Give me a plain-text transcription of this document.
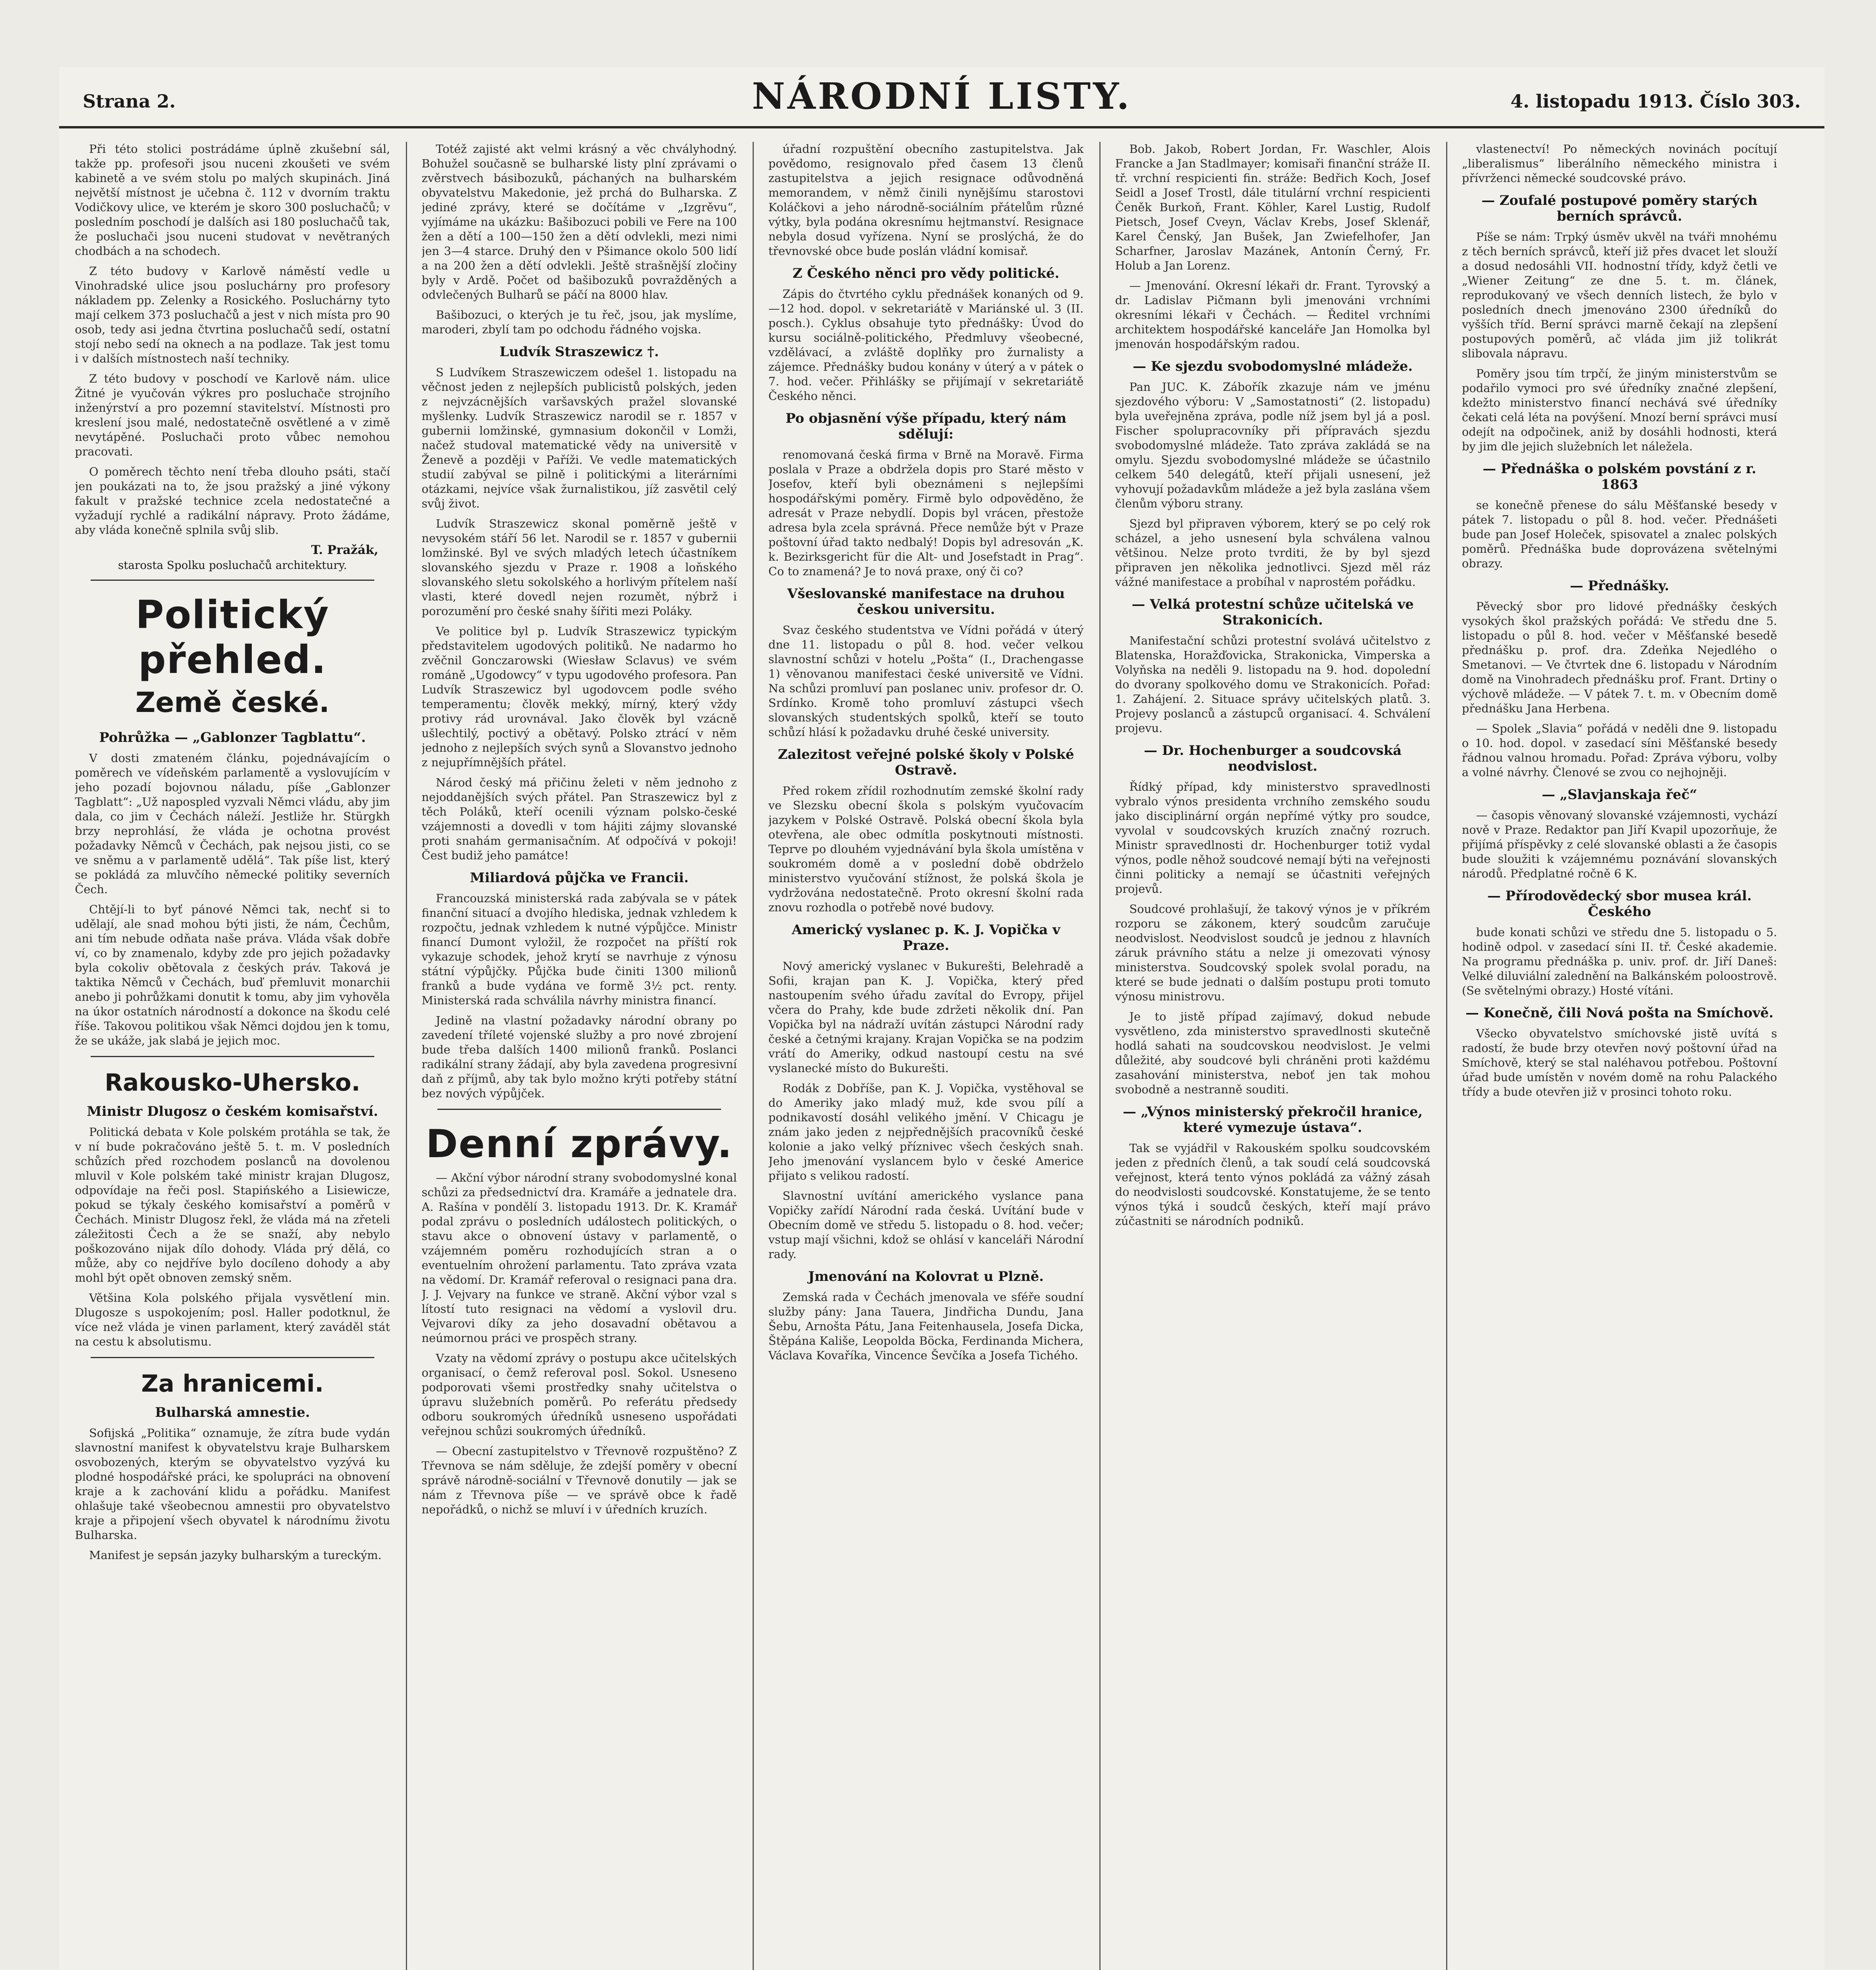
Strana 2.	NÁRODNÍ LISTY.	4. listopadu 1913. Číslo 303.

Při této stolici postrádáme úplně zkušební sál, takže pp. profesoři jsou nuceni zkoušeti ve svém kabinetě a ve svém stolu po malých skupinách. Jiná největší místnost je učebna č. 112 v dvorním traktu Vodičkovy ulice, ve kterém je skoro 300 posluchačů; v posledním poschodí je dalších asi 180 posluchačů tak, že posluchači jsou nuceni studovat v nevětraných chodbách a na schodech.

Z této budovy v Karlově náměstí vedle u Vinohradské ulice jsou posluchárny pro profesory nákladem pp. Zelenky a Rosického. Posluchárny tyto mají celkem 373 posluchačů a jest v nich místa pro 90 osob, tedy asi jedna čtvrtina posluchačů sedí, ostatní stojí nebo sedí na oknech a na podlaze. Tak jest tomu i v dalších místnostech naší techniky.

Z této budovy v poschodí ve Karlově nám. ulice Žitné je vyučován výkres pro posluchače strojního inženýrství a pro pozemní stavitelství. Místnosti pro kreslení jsou malé, nedostatečně osvětlené a v zimě nevytápěné. Posluchači proto vůbec nemohou pracovati.

O poměrech těchto není třeba dlouho psáti, stačí jen poukázati na to, že jsou pražský a jiné výkony fakult v pražské technice zcela nedostatečné a vyžadují rychlé a radikální nápravy. Proto žádáme, aby vláda konečně splnila svůj slib.

T. Pražák,
starosta Spolku posluchačů architektury.
Politický přehled.
Země české.
Pohrůžka — „Gablonzer Tagblattu“.

V dosti zmateném článku, pojednávajícím o poměrech ve vídeňském parlamentě a vyslovujícím v jeho pozadí bojovnou náladu, píše „Gablonzer Tagblatt“: „Už napospled vyzvali Němci vládu, aby jim dala, co jim v Čechách náleží. Jestliže hr. Stürgkh brzy neprohlásí, že vláda je ochotna provést požadavky Němců v Čechách, pak nejsou jisti, co se ve sněmu a v parlamentě udělá“. Tak píše list, který se pokládá za mluvčího německé politiky severních Čech.

Chtějí-li to byť pánové Němci tak, nechť si to udělají, ale snad mohou býti jisti, že nám, Čechům, ani tím nebude odňata naše práva. Vláda však dobře ví, co by znamenalo, kdyby zde pro jejich požadavky byla cokoliv obětovala z českých práv. Taková je taktika Němců v Čechách, buď přemluvit monarchii anebo ji pohrůžkami donutit k tomu, aby jim vyhověla na úkor ostatních národností a dokonce na škodu celé říše. Takovou politikou však Němci dojdou jen k tomu, že se ukáže, jak slabá je jejich moc.

Rakousko-Uhersko.
Ministr Dlugosz o českém komisařství.

Politická debata v Kole polském protáhla se tak, že v ní bude pokračováno ještě 5. t. m. V posledních schůzích před rozchodem poslanců na dovolenou mluvil v Kole polském také ministr krajan Dlugosz, odpovídaje na řeči posl. Stapińského a Lisiewicze, pokud se týkaly českého komisařství a poměrů v Čechách. Ministr Dlugosz řekl, že vláda má na zřeteli záležitosti Čech a že se snaží, aby nebylo poškozováno nijak dílo dohody. Vláda prý dělá, co může, aby co nejdříve bylo docíleno dohody a aby mohl být opět obnoven zemský sněm.

Většina Kola polského přijala vysvětlení min. Dlugosze s uspokojením; posl. Haller podotknul, že více než vláda je vinen parlament, který zaváděl stát na cestu k absolutismu.

Za hranicemi.
Bulharská amnestie.

Sofijská „Politika“ oznamuje, že zítra bude vydán slavnostní manifest k obyvatelstvu kraje Bulharskem osvobozených, kterým se obyvatelstvo vyzývá ku plodné hospodářské práci, ke spolupráci na obnovení kraje a k zachování klidu a pořádku. Manifest ohlašuje také všeobecnou amnestii pro obyvatelstvo kraje a připojení všech obyvatel k národnímu životu Bulharska.

Manifest je sepsán jazyky bulharským a tureckým.

Totéž zajisté akt velmi krásný a věc chvályhodný. Bohužel současně se bulharské listy plní zprávami o zvěrstvech básibozuků, páchaných na bulharském obyvatelstvu Makedonie, jež prchá do Bulharska. Z jediné zprávy, které se dočítáme v „Izgrěvu“, vyjímáme na ukázku: Bašibozuci pobili ve Fere na 100 žen a dětí a 100—150 žen a dětí odvlekli, mezi nimi jen 3—4 starce. Druhý den v Pšimance okolo 500 lidí a na 200 žen a dětí odvlekli. Ještě strašnější zločiny byly v Ardě. Počet od bašibozuků povražděných a odvlečených Bulharů se páčí na 8000 hlav.

Bašibozuci, o kterých je tu řeč, jsou, jak myslíme, maroderi, zbylí tam po odchodu řádného vojska.

Ludvík Straszewicz †.

S Ludvíkem Straszewiczem odešel 1. listopadu na věčnost jeden z nejlepších publicistů polských, jeden z nejvzácnějších varšavských pražel slovanské myšlenky. Ludvík Straszewicz narodil se r. 1857 v gubernii lomžinské, gymnasium dokončil v Lomži, načež studoval matematické vědy na universitě v Ženevě a později v Paříži. Ve vedle matematických studií zabýval se pilně i politickými a literárními otázkami, nejvíce však žurnalistikou, jíž zasvětil celý svůj život.

Ludvík Straszewicz skonal poměrně ještě v nevysokém stáří 56 let. Narodil se r. 1857 v gubernii lomžinské. Byl ve svých mladých letech účastníkem slovanského sjezdu v Praze r. 1908 a loňského slovanského sletu sokolského a horlivým přítelem naší vlasti, které dovedl nejen rozumět, nýbrž i porozumění pro české snahy šířiti mezi Poláky.

Ve politice byl p. Ludvík Straszewicz typickým představitelem ugodových politiků. Ne nadarmo ho zvěčnil Gonczarowski (Wiesław Sclavus) ve svém románě „Ugodowcy“ v typu ugodového profesora. Pan Ludvík Straszewicz byl ugodovcem podle svého temperamentu; člověk mekký, mírný, který vždy protivy rád urovnával. Jako člověk byl vzácně ušlechtilý, poctivý a obětavý. Polsko ztrácí v něm jednoho z nejlepších svých synů a Slovanstvo jednoho z nejupřímnějších přátel.

Národ český má přičinu želeti v něm jednoho z nejoddanějších svých přátel. Pan Straszewicz byl z těch Poláků, kteří ocenili význam polsko-české vzájemnosti a dovedli v tom hájiti zájmy slovanské proti snahám germanisačním. Ať odpočívá v pokoji! Čest budiž jeho památce!

Miliardová půjčka ve Francii.

Francouzská ministerská rada zabývala se v pátek finanční situací a dvojího hlediska, jednak vzhledem k rozpočtu, jednak vzhledem k nutné výpůjčce. Ministr financí Dumont vyložil, že rozpočet na příští rok vykazuje schodek, jehož krytí se navrhuje z výnosu státní výpůjčky. Půjčka bude činiti 1300 milionů franků a bude vydána ve formě 3½ pct. renty. Ministerská rada schválila návrhy ministra financí.

Jedině na vlastní požadavky národní obrany po zavedení tříleté vojenské služby a pro nové zbrojení bude třeba dalších 1400 milionů franků. Poslanci radikální strany žádají, aby byla zavedena progresivní daň z příjmů, aby tak bylo možno krýti potřeby státní bez nových výpůjček.

Denní zprávy.

— Akční výbor národní strany svobodomyslné konal schůzi za předsednictví dra. Kramáře a jednatele dra. A. Rašína v pondělí 3. listopadu 1913. Dr. K. Kramář podal zprávu o posledních událostech politických, o stavu akce o obnovení ústavy v parlamentě, o vzájemném poměru rozhodujících stran a o eventuelním ohrožení parlamentu. Tato zpráva vzata na vědomí. Dr. Kramář referoval o resignaci pana dra. J. J. Vejvary na funkce ve straně. Akční výbor vzal s lítostí tuto resignaci na vědomí a vyslovil dru. Vejvarovi díky za jeho dosavadní obětavou a neúmornou práci ve prospěch strany.

Vzaty na vědomí zprávy o postupu akce učitelských organisací, o čemž referoval posl. Sokol. Usneseno podporovati všemi prostředky snahy učitelstva o úpravu služebních poměrů. Po referátu předsedy odboru soukromých úředníků usneseno uspořádati veřejnou schůzi soukromých úředníků.

— Obecní zastupitelstvo v Třevnově rozpuštěno? Z Třevnova se nám sděluje, že zdejší poměry v obecní správě národně-sociální v Třevnově donutily — jak se nám z Třevnova píše — ve správě obce k řadě nepořádků, o nichž se mluví i v úředních kruzích.

úřadní rozpuštění obecního zastupitelstva. Jak povědomo, resignovalo před časem 13 členů zastupitelstva a jejich resignace odůvodněná memorandem, v němž činili nynějšímu starostovi Koláčkovi a jeho národně-sociálním přátelům různé výtky, byla podána okresnímu hejtmanství. Resignace nebyla dosud vyřízena. Nyní se proslýchá, že do třevnovské obce bude poslán vládní komisař.

Z Českého něnci pro vědy politické.

Zápis do čtvrtého cyklu přednášek konaných od 9.—12 hod. dopol. v sekretariátě v Mariánské ul. 3 (II. posch.). Cyklus obsahuje tyto přednášky: Úvod do kursu sociálně-politického, Předmluvy všeobecné, vzdělávací, a zvláště doplňky pro žurnalisty a zájemce. Přednášky budou konány v úterý a v pátek o 7. hod. večer. Přihlášky se přijímají v sekretariátě Českého něnci.

Po objasnění výše případu, který nám sdělují:

renomovaná česká firma v Brně na Moravě. Firma poslala v Praze a obdržela dopis pro Staré město v Josefov, kteří byli obeznámeni s nejlepšími hospodářskými poměry. Firmě bylo odpověděno, že adresát v Praze nebydlí. Dopis byl vrácen, přestože adresa byla zcela správná. Přece nemůže být v Praze poštovní úřad takto nedbalý! Dopis byl adresován „K. k. Bezirksgericht für die Alt- und Josefstadt in Prag“. Co to znamená? Je to nová praxe, oný či co?

Všeslovanské manifestace na druhou českou universitu.

Svaz českého studentstva ve Vídni pořádá v úterý dne 11. listopadu o půl 8. hod. večer velkou slavnostní schůzi v hotelu „Pošta“ (I., Drachengasse 1) věnovanou manifestaci české universitě ve Vídni. Na schůzi promluví pan poslanec univ. profesor dr. O. Srdínko. Kromě toho promluví zástupci všech slovanských studentských spolků, kteří se touto schůzí hlásí k požadavku druhé české university.

Zalezitost veřejné polské školy v Polské Ostravě.

Před rokem zřídil rozhodnutím zemské školní rady ve Slezsku obecní škola s polským vyučovacím jazykem v Polské Ostravě. Polská obecní škola byla otevřena, ale obec odmítla poskytnouti místnosti. Teprve po dlouhém vyjednávání byla škola umístěna v soukromém domě a v poslední době obdrželo ministerstvo vyučování stížnost, že polská škola je vydržována nedostatečně. Proto okresní školní rada znovu rozhodla o potřebě nové budovy.

Americký vyslanec p. K. J. Vopička v Praze.

Nový americký vyslanec v Bukurešti, Belehradě a Sofii, krajan pan K. J. Vopička, který před nastoupením svého úřadu zavítal do Evropy, přijel včera do Prahy, kde bude zdržeti několik dní. Pan Vopička byl na nádraží uvítán zástupci Národní rady české a četnými krajany. Krajan Vopička se na podzim vrátí do Ameriky, odkud nastoupí cestu na své vyslanecké místo do Bukurešti.

Rodák z Dobříše, pan K. J. Vopička, vystěhoval se do Ameriky jako mladý muž, kde svou pílí a podnikavostí dosáhl velikého jmění. V Chicagu je znám jako jeden z nejpřednějších pracovníků české kolonie a jako velký příznivec všech českých snah. Jeho jmenování vyslancem bylo v české Americe přijato s velikou radostí.

Slavnostní uvítání amerického vyslance pana Vopičky zařídí Národní rada česká. Uvítání bude v Obecním domě ve středu 5. listopadu o 8. hod. večer; vstup mají všichni, kdož se ohlásí v kanceláři Národní rady.

Jmenování na Kolovrat u Plzně.

Zemská rada v Čechách jmenovala ve sféře soudní služby pány: Jana Tauera, Jindřicha Dundu, Jana Šebu, Arnošta Pátu, Jana Feitenhausela, Josefa Dicka, Štěpána Kališe, Leopolda Böcka, Ferdinanda Michera, Václava Kovaříka, Vincence Ševčíka a Josefa Tichého.

Bob. Jakob, Robert Jordan, Fr. Waschler, Alois Francke a Jan Stadlmayer; komisaři finanční stráže II. tř. vrchní respicienti fin. stráže: Bedřich Koch, Josef Seidl a Josef Trostl, dále titulární vrchní respicienti Čeněk Burkoň, Frant. Köhler, Karel Lustig, Rudolf Pietsch, Josef Cveyn, Václav Krebs, Josef Sklenář, Karel Čenský, Jan Bušek, Jan Zwiefelhofer, Jan Scharfner, Jaroslav Mazánek, Antonín Černý, Fr. Holub a Jan Lorenz.

— Jmenování. Okresní lékaři dr. Frant. Tyrovský a dr. Ladislav Pičmann byli jmenováni vrchními okresními lékaři v Čechách. — Ředitel vrchními architektem hospodářské kanceláře Jan Homolka byl jmenován hospodářským radou.

— Ke sjezdu svobodomyslné mládeže.

Pan JUC. K. Zábořík zkazuje nám ve jménu sjezdového výboru: V „Samostatnosti“ (2. listopadu) byla uveřejněna zpráva, podle níž jsem byl já a posl. Fischer spolupracovníky při přípravách sjezdu svobodomyslné mládeže. Tato zpráva zakládá se na omylu. Sjezdu svobodomyslné mládeže se účastnilo celkem 540 delegátů, kteří přijali usnesení, jež vyhovují požadavkům mládeže a jež byla zaslána všem členům výboru strany.

Sjezd byl připraven výborem, který se po celý rok scházel, a jeho usnesení byla schválena valnou většinou. Nelze proto tvrditi, že by byl sjezd připraven jen několika jednotlivci. Sjezd měl ráz vážné manifestace a probíhal v naprostém pořádku.

— Velká protestní schůze učitelská ve Strakonicích.

Manifestační schůzi protestní svolává učitelstvo z Blatenska, Horažďovicka, Strakonicka, Vimperska a Volyňska na neděli 9. listopadu na 9. hod. dopolední do dvorany spolkového domu ve Strakonicích. Pořad: 1. Zahájení. 2. Situace správy učitelských platů. 3. Projevy poslanců a zástupců organisací. 4. Schválení projevu.

— Dr. Hochenburger a soudcovská neodvislost.

Řídký případ, kdy ministerstvo spravedlnosti vybralo výnos presidenta vrchního zemského soudu jako disciplinární orgán nepřímé výtky pro soudce, vyvolal v soudcovských kruzích značný rozruch. Ministr spravedlnosti dr. Hochenburger totiž vydal výnos, podle něhož soudcové nemají býti na veřejnosti činni politicky a nemají se účastniti veřejných projevů.

Soudcové prohlašují, že takový výnos je v příkrém rozporu se zákonem, který soudcům zaručuje neodvislost. Neodvislost soudců je jednou z hlavních záruk právního státu a nelze ji omezovati výnosy ministerstva. Soudcovský spolek svolal poradu, na které se bude jednati o dalším postupu proti tomuto výnosu ministrovu.

Je to jistě případ zajímavý, dokud nebude vysvětleno, zda ministerstvo spravedlnosti skutečně hodlá sahati na soudcovskou neodvislost. Je velmi důležité, aby soudcové byli chráněni proti každému zasahování ministerstva, neboť jen tak mohou svobodně a nestranně souditi.

— „Výnos ministerský překročil hranice, které vymezuje ústava“.

Tak se vyjádřil v Rakouském spolku soudcovském jeden z předních členů, a tak soudí celá soudcovská veřejnost, která tento výnos pokládá za vážný zásah do neodvislosti soudcovské. Konstatujeme, že se tento výnos týká i soudců českých, kteří mají právo zúčastniti se národních podniků.

vlastenectví! Po německých novinách pocítují „liberalismus“ liberálního německého ministra i přívrženci německé soudcovské právo.

— Zoufalé postupové poměry starých berních správců.

Píše se nám: Trpký úsměv ukvěl na tváři mnohému z těch berních správců, kteří již přes dvacet let slouží a dosud nedosáhli VII. hodnostní třídy, když četli ve „Wiener Zeitung“ ze dne 5. t. m. článek, reprodukovaný ve všech denních listech, že bylo v posledních dnech jmenováno 2300 úředníků do vyšších tříd. Berní správci marně čekají na zlepšení postupových poměrů, ač vláda jim již tolikrát slibovala nápravu.

Poměry jsou tím trpčí, že jiným ministerstvům se podařilo vymoci pro své úředníky značné zlepšení, kdežto ministerstvo financí nechává své úředníky čekati celá léta na povýšení. Mnozí berní správci musí odejít na odpočinek, aniž by dosáhli hodnosti, která by jim dle jejich služebních let náležela.

— Přednáška o polském povstání z r. 1863

se konečně přenese do sálu Měšťanské besedy v pátek 7. listopadu o půl 8. hod. večer. Přednášeti bude pan Josef Holeček, spisovatel a znalec polských poměrů. Přednáška bude doprovázena světelnými obrazy.

— Přednášky.

Pěvecký sbor pro lidové přednášky českých vysokých škol pražských pořádá: Ve středu dne 5. listopadu o půl 8. hod. večer v Měšťanské besedě přednášku p. prof. dra. Zdeňka Nejedlého o Smetanovi. — Ve čtvrtek dne 6. listopadu v Národním domě na Vinohradech přednášku prof. Frant. Drtiny o výchově mládeže. — V pátek 7. t. m. v Obecním domě přednášku Jana Herbena.

— Spolek „Slavia“ pořádá v neděli dne 9. listopadu o 10. hod. dopol. v zasedací síni Měšťanské besedy řádnou valnou hromadu. Pořad: Zpráva výboru, volby a volné návrhy. Členové se zvou co nejhojněji.

— „Slavjanskaja řeč“

— časopis věnovaný slovanské vzájemnosti, vychází nově v Praze. Redaktor pan Jiří Kvapil upozorňuje, že přijímá příspěvky z celé slovanské oblasti a že časopis bude sloužiti k vzájemnému poznávání slovanských národů. Předplatné ročně 6 K.

— Přírodovědecký sbor musea král. Českého

bude konati schůzi ve středu dne 5. listopadu o 5. hodině odpol. v zasedací síni II. tř. České akademie. Na programu přednáška p. univ. prof. dr. Jiří Daneš: Velké diluviální zalednění na Balkánském poloostrově. (Se světelnými obrazy.) Hosté vítáni.

— Konečně, čili Nová pošta na Smíchově.

Všecko obyvatelstvo smíchovské jistě uvítá s radostí, že bude brzy otevřen nový poštovní úřad na Smíchově, který se stal naléhavou potřebou. Poštovní úřad bude umístěn v novém domě na rohu Palackého třídy a bude otevřen již v prosinci tohoto roku.
